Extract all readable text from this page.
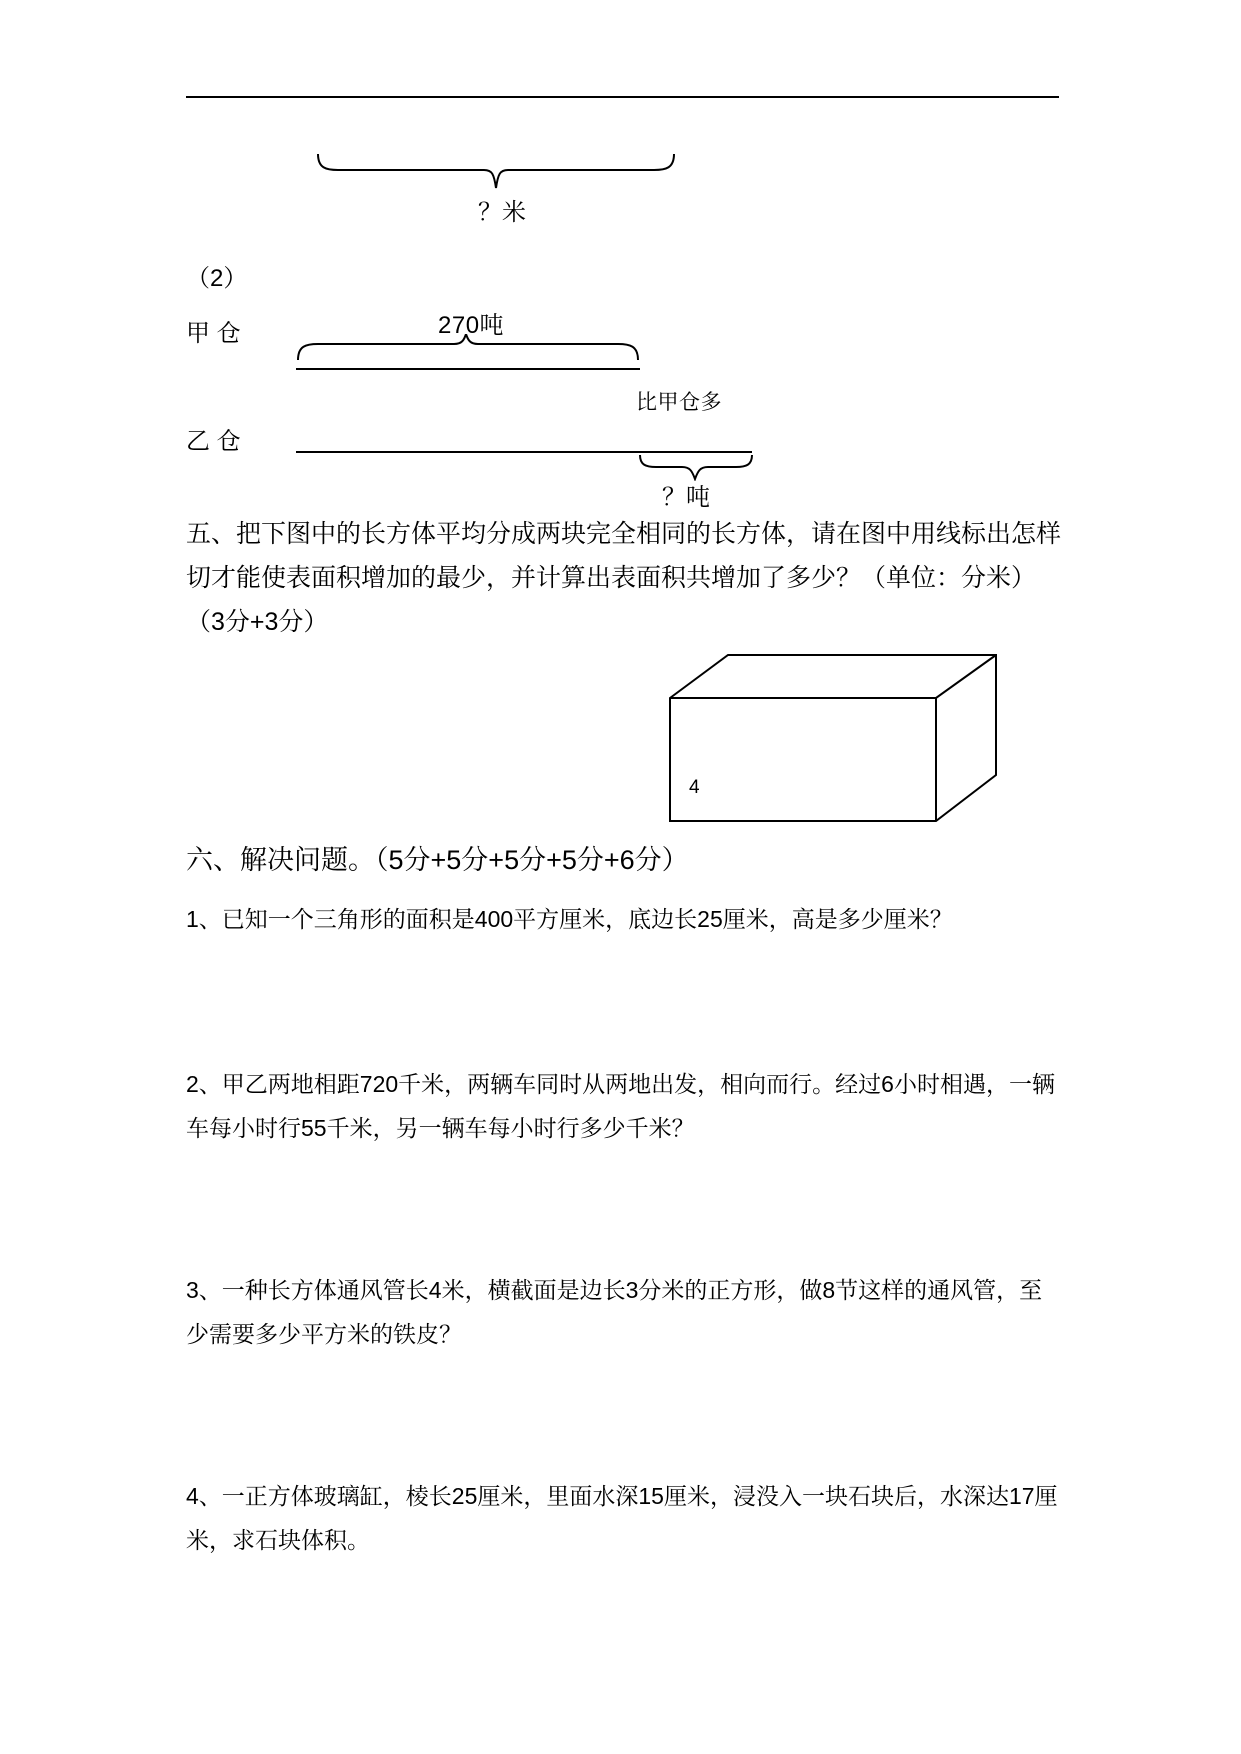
？米
（2）
甲 仓	270吨
乙 仓
比甲仓多
？吨
五、把下图中的长方体平均分成两块完全相同的长方体，请在图中用线标出怎样切才能使表面积增加的最少，并计算出表面积共增加了多少？（单位：分米）（3分+3分）
4
六、解决问题。（5分+5分+5分+5分+6分）
1、已知一个三角形的面积是400平方厘米，底边长25厘米，高是多少厘米？
2、甲乙两地相距720千米，两辆车同时从两地出发，相向而行。经过6小时相遇，一辆车每小时行55千米，另一辆车每小时行多少千米？
3、一种长方体通风管长4米，横截面是边长3分米的正方形，做8节这样的通风管，至少需要多少平方米的铁皮？
4、一正方体玻璃缸，棱长25厘米，里面水深15厘米，浸没入一块石块后，水深达17厘米，求石块体积。
